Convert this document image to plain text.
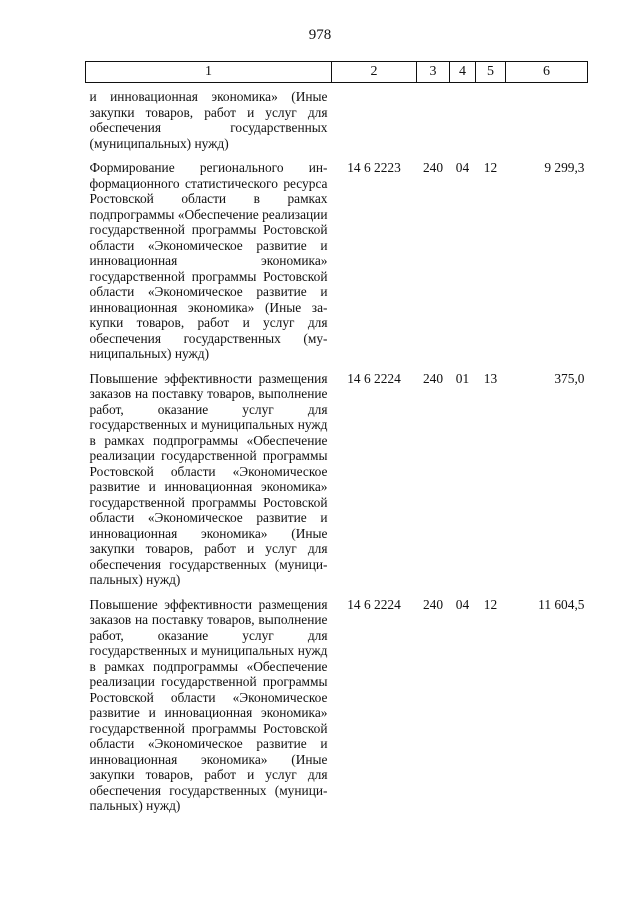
978
1	2	3	4	5	6
и инновационная экономика» (Иные закупки товаров, работ и услуг для обеспечения государственных (муниципальных) нужд)					
Формирование регионального информационного статистического ресурса Ростовской области в рамках подпрограммы «Обеспечение реализации государственной программы Ростовской области «Экономическое развитие и инновационная экономика» государственной программы Ростовской области «Экономическое развитие и инновационная экономика» (Иные закупки товаров, работ и услуг для обеспечения государственных (муниципальных) нужд)	14 6 2223	240	04	12	9 299,3
Повышение эффективности размещения заказов на поставку товаров, выполнение работ, оказание услуг для государственных и муниципальных нужд в рамках подпрограммы «Обеспечение реализации государственной программы Ростовской области «Экономическое развитие и инновационная экономика» государственной программы Ростовской области «Экономическое развитие и инновационная экономика» (Иные закупки товаров, работ и услуг для обеспечения государственных (муниципальных) нужд)	14 6 2224	240	01	13	375,0
Повышение эффективности размещения заказов на поставку товаров, выполнение работ, оказание услуг для государственных и муниципальных нужд в рамках подпрограммы «Обеспечение реализации государственной программы Ростовской области «Экономическое развитие и инновационная экономика» государственной программы Ростовской области «Экономическое развитие и инновационная экономика» (Иные закупки товаров, работ и услуг для обеспечения государственных (муниципальных) нужд)	14 6 2224	240	04	12	11 604,5
